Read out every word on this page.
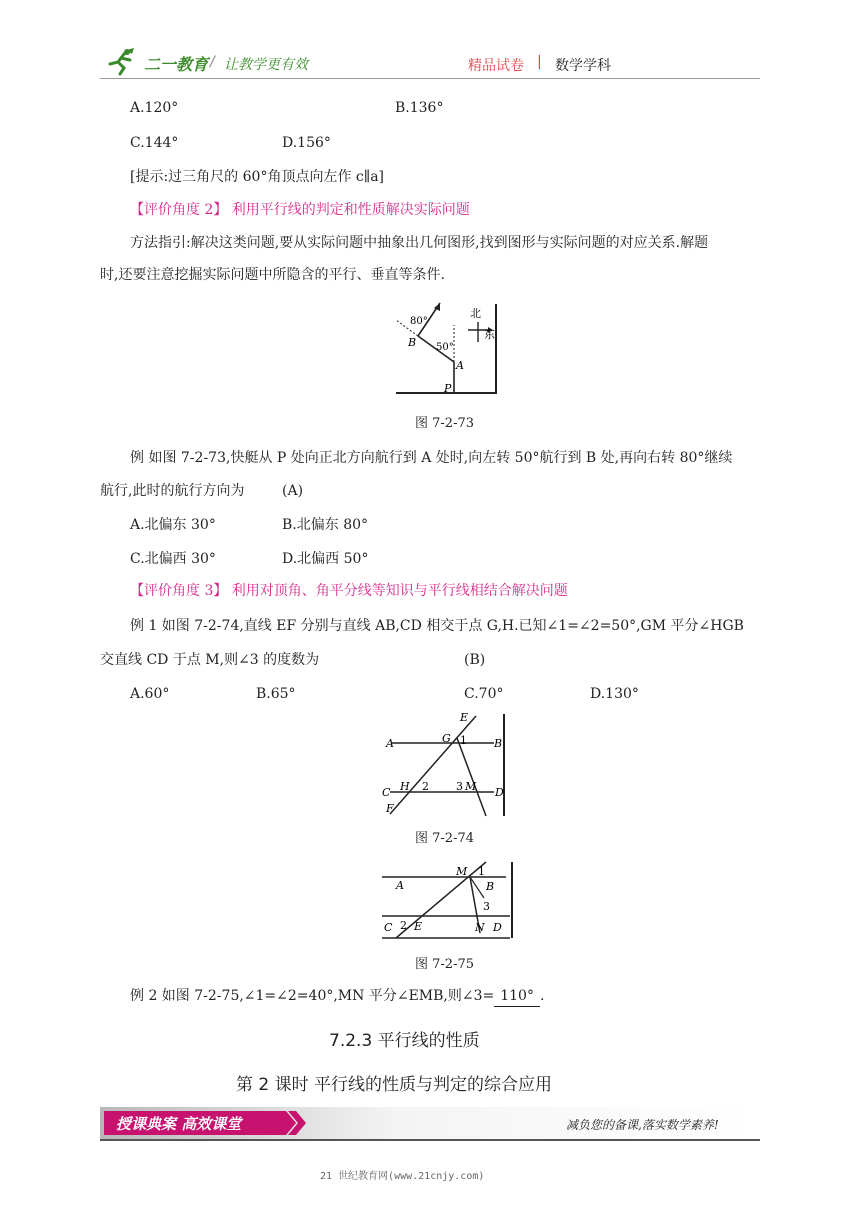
二一教育 让教学更有效
/	精品试卷 | 数学学科
A.120°	B.136°
C.144°	D.156°
[提示:过三角尺的 60°角顶点向左作 c∥a]
【评价角度 2】 利用平行线的判定和性质解决实际问题
方法指引:解决这类问题,要从实际问题中抽象出几何图形,找到图形与实际问题的对应关系.解题
时,还要注意挖掘实际问题中所隐含的平行、垂直等条件.
北
东
80°
50°
B
A
P
图 7-2-73
例 如图 7-2-73,快艇从 P 处向正北方向航行到 A 处时,向左转 50°航行到 B 处,再向右转 80°继续
航行,此时的航行方向为	(A)
A.北偏东 30°	B.北偏东 80°
C.北偏西 30°	D.北偏西 50°
【评价角度 3】 利用对顶角、角平分线等知识与平行线相结合解决问题
例 1 如图 7-2-74,直线 EF 分别与直线 AB,CD 相交于点 G,H.已知∠1=∠2=50°,GM 平分∠HGB
交直线 CD 于点 M,则∠3 的度数为	(B)
A.60°	B.65°	C.70°	D.130°
E
A	G 1 B
H 2 3 M
C	D
F
图 7-2-74
M 1
A	B
3
C 2 E	N D
图 7-2-75
例 2 如图 7-2-75,∠1=∠2=40°,MN 平分∠EMB,则∠3= 110° .
7.2.3 平行线的性质
第 2 课时 平行线的性质与判定的综合应用
授课典案 高效课堂	减负您的备课,落实数学素养!
21 世纪教育网(www.21cnjy.com)
